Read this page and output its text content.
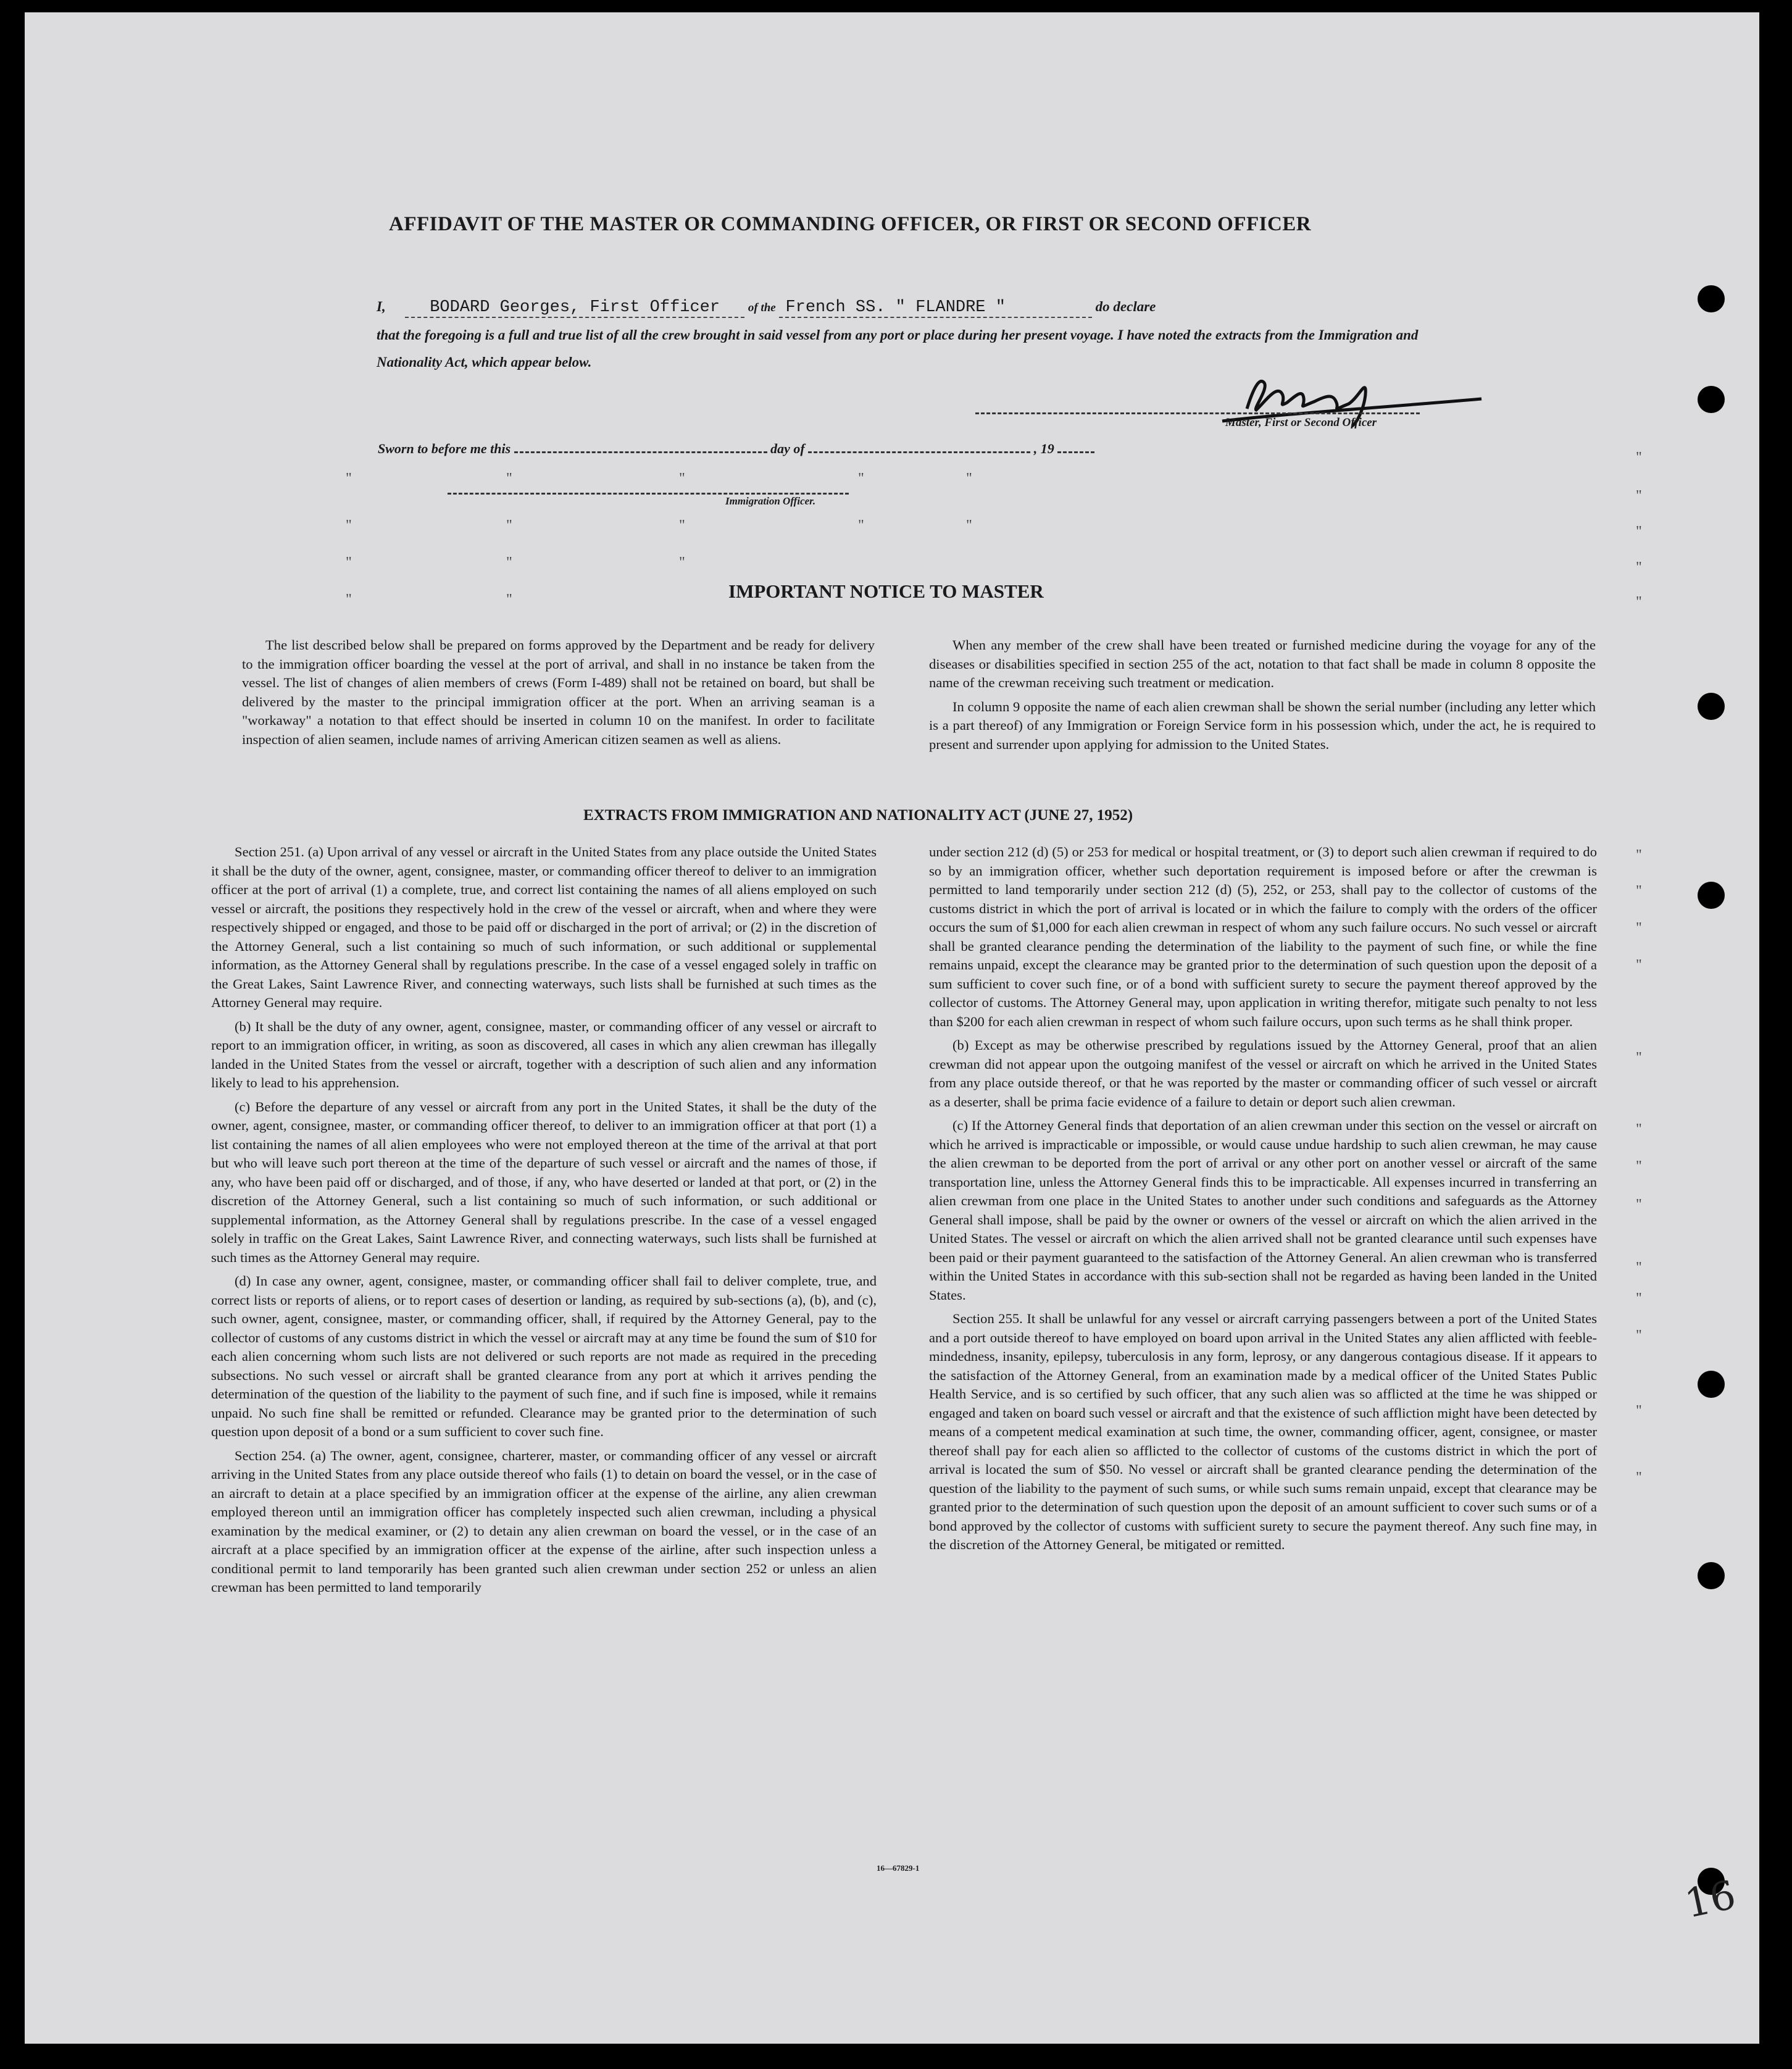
AFFIDAVIT OF THE MASTER OR COMMANDING OFFICER, OR FIRST OR SECOND OFFICER
I,	BODARD Georges, First Officer of the French SS. " FLANDRE "	do declare
that the foregoing is a full and true list of all the crew brought in said vessel from any port or place during her present voyage. I have noted the extracts from the Immigration and Nationality Act, which appear below.
Master, First or Second Officer
Sworn to before me this	day of	, 19
Immigration Officer.
"	"	"	"	"
"	"	"	"	"
"	"	"
"	"
"
"
"
"
"
"
"
"
"
"
"
"
"
"
"
"
"
"
IMPORTANT NOTICE TO MASTER

The list described below shall be prepared on forms approved by the Department and be ready for delivery to the immigration officer boarding the vessel at the port of arrival, and shall in no instance be taken from the vessel. The list of changes of alien members of crews (Form I-489) shall not be retained on board, but shall be delivered by the master to the principal immigration officer at the port. When an arriving seaman is a "workaway" a notation to that effect should be inserted in column 10 on the manifest. In order to facilitate inspection of alien seamen, include names of arriving American citizen seamen as well as aliens.

When any member of the crew shall have been treated or furnished medicine during the voyage for any of the diseases or disabilities specified in section 255 of the act, notation to that fact shall be made in column 8 opposite the name of the crewman receiving such treatment or medication.

In column 9 opposite the name of each alien crewman shall be shown the serial number (including any letter which is a part thereof) of any Immigration or Foreign Service form in his possession which, under the act, he is required to present and surrender upon applying for admission to the United States.

EXTRACTS FROM IMMIGRATION AND NATIONALITY ACT (JUNE 27, 1952)

Section 251. (a) Upon arrival of any vessel or aircraft in the United States from any place outside the United States it shall be the duty of the owner, agent, consignee, master, or commanding officer thereof to deliver to an immigration officer at the port of arrival (1) a complete, true, and correct list containing the names of all aliens employed on such vessel or aircraft, the positions they respectively hold in the crew of the vessel or aircraft, when and where they were respectively shipped or engaged, and those to be paid off or discharged in the port of arrival; or (2) in the discretion of the Attorney General, such a list containing so much of such information, or such additional or supplemental information, as the Attorney General shall by regulations prescribe. In the case of a vessel engaged solely in traffic on the Great Lakes, Saint Lawrence River, and connecting waterways, such lists shall be furnished at such times as the Attorney General may require.

(b) It shall be the duty of any owner, agent, consignee, master, or commanding officer of any vessel or aircraft to report to an immigration officer, in writing, as soon as discovered, all cases in which any alien crewman has illegally landed in the United States from the vessel or aircraft, together with a description of such alien and any information likely to lead to his apprehension.

(c) Before the departure of any vessel or aircraft from any port in the United States, it shall be the duty of the owner, agent, consignee, master, or commanding officer thereof, to deliver to an immigration officer at that port (1) a list containing the names of all alien employees who were not employed thereon at the time of the arrival at that port but who will leave such port thereon at the time of the departure of such vessel or aircraft and the names of those, if any, who have been paid off or discharged, and of those, if any, who have deserted or landed at that port, or (2) in the discretion of the Attorney General, such a list containing so much of such information, or such additional or supplemental information, as the Attorney General shall by regulations prescribe. In the case of a vessel engaged solely in traffic on the Great Lakes, Saint Lawrence River, and connecting waterways, such lists shall be furnished at such times as the Attorney General may require.

(d) In case any owner, agent, consignee, master, or commanding officer shall fail to deliver complete, true, and correct lists or reports of aliens, or to report cases of desertion or landing, as required by sub-sections (a), (b), and (c), such owner, agent, consignee, master, or commanding officer, shall, if required by the Attorney General, pay to the collector of customs of any customs district in which the vessel or aircraft may at any time be found the sum of $10 for each alien concerning whom such lists are not delivered or such reports are not made as required in the preceding subsections. No such vessel or aircraft shall be granted clearance from any port at which it arrives pending the determination of the question of the liability to the payment of such fine, and if such fine is imposed, while it remains unpaid. No such fine shall be remitted or refunded. Clearance may be granted prior to the determination of such question upon deposit of a bond or a sum sufficient to cover such fine.

Section 254. (a) The owner, agent, consignee, charterer, master, or commanding officer of any vessel or aircraft arriving in the United States from any place outside thereof who fails (1) to detain on board the vessel, or in the case of an aircraft to detain at a place specified by an immigration officer at the expense of the airline, any alien crewman employed thereon until an immigration officer has completely inspected such alien crewman, including a physical examination by the medical examiner, or (2) to detain any alien crewman on board the vessel, or in the case of an aircraft at a place specified by an immigration officer at the expense of the airline, after such inspection unless a conditional permit to land temporarily has been granted such alien crewman under section 252 or unless an alien crewman has been permitted to land temporarily

under section 212 (d) (5) or 253 for medical or hospital treatment, or (3) to deport such alien crewman if required to do so by an immigration officer, whether such deportation requirement is imposed before or after the crewman is permitted to land temporarily under section 212 (d) (5), 252, or 253, shall pay to the collector of customs of the customs district in which the port of arrival is located or in which the failure to comply with the orders of the officer occurs the sum of $1,000 for each alien crewman in respect of whom any such failure occurs. No such vessel or aircraft shall be granted clearance pending the determination of the liability to the payment of such fine, or while the fine remains unpaid, except the clearance may be granted prior to the determination of such question upon the deposit of a sum sufficient to cover such fine, or of a bond with sufficient surety to secure the payment thereof approved by the collector of customs. The Attorney General may, upon application in writing therefor, mitigate such penalty to not less than $200 for each alien crewman in respect of whom such failure occurs, upon such terms as he shall think proper.

(b) Except as may be otherwise prescribed by regulations issued by the Attorney General, proof that an alien crewman did not appear upon the outgoing manifest of the vessel or aircraft on which he arrived in the United States from any place outside thereof, or that he was reported by the master or commanding officer of such vessel or aircraft as a deserter, shall be prima facie evidence of a failure to detain or deport such alien crewman.

(c) If the Attorney General finds that deportation of an alien crewman under this section on the vessel or aircraft on which he arrived is impracticable or impossible, or would cause undue hardship to such alien crewman, he may cause the alien crewman to be deported from the port of arrival or any other port on another vessel or aircraft of the same transportation line, unless the Attorney General finds this to be impracticable. All expenses incurred in transferring an alien crewman from one place in the United States to another under such conditions and safeguards as the Attorney General shall impose, shall be paid by the owner or owners of the vessel or aircraft on which the alien arrived in the United States. The vessel or aircraft on which the alien arrived shall not be granted clearance until such expenses have been paid or their payment guaranteed to the satisfaction of the Attorney General. An alien crewman who is transferred within the United States in accordance with this sub-section shall not be regarded as having been landed in the United States.

Section 255. It shall be unlawful for any vessel or aircraft carrying passengers between a port of the United States and a port outside thereof to have employed on board upon arrival in the United States any alien afflicted with feeble-mindedness, insanity, epilepsy, tuberculosis in any form, leprosy, or any dangerous contagious disease. If it appears to the satisfaction of the Attorney General, from an examination made by a medical officer of the United States Public Health Service, and is so certified by such officer, that any such alien was so afflicted at the time he was shipped or engaged and taken on board such vessel or aircraft and that the existence of such affliction might have been detected by means of a competent medical examination at such time, the owner, commanding officer, agent, consignee, or master thereof shall pay for each alien so afflicted to the collector of customs of the customs district in which the port of arrival is located the sum of $50. No vessel or aircraft shall be granted clearance pending the determination of the question of the liability to the payment of such sums, or while such sums remain unpaid, except that clearance may be granted prior to the determination of such question upon the deposit of an amount sufficient to cover such sums or of a bond approved by the collector of customs with sufficient surety to secure the payment thereof. Any such fine may, in the discretion of the Attorney General, be mitigated or remitted.

16—67829-1
16
